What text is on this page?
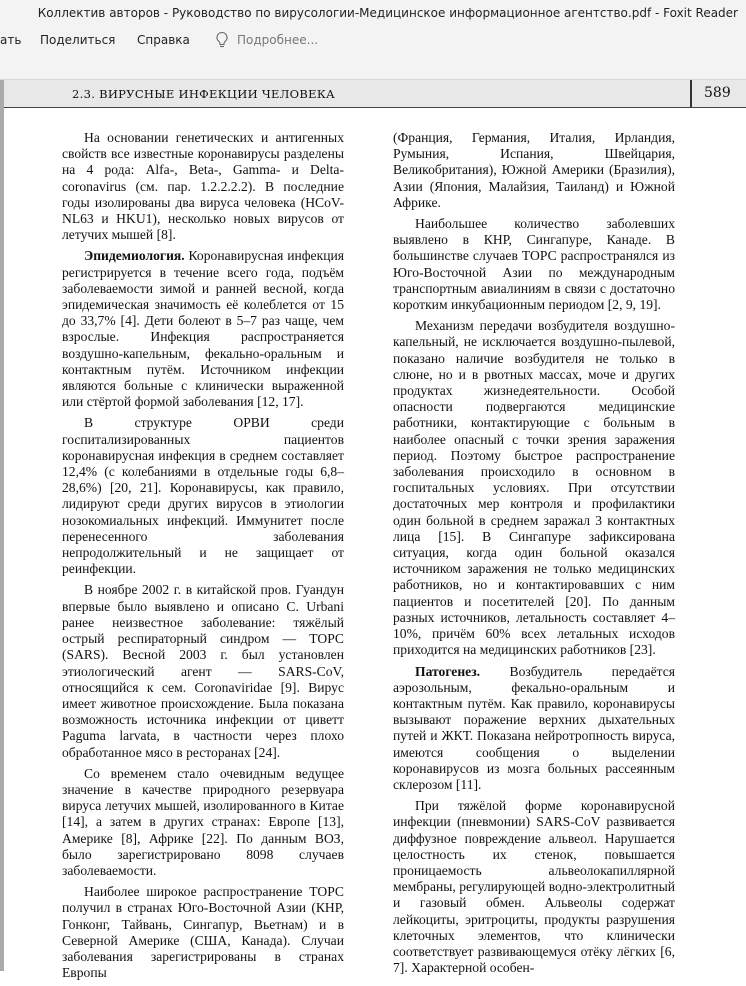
Коллектив авторов - Руководство по вирусологии-Медицинское информационное агентство.pdf - Foxit Reader
ать Поделиться Справка	Подробнее...
2.3. ВИРУСНЫЕ ИНФЕКЦИИ ЧЕЛОВЕКА	589

На основании генетических и антигенных свойств все известные коронавирусы разделены на 4 рода: Alfa-, Beta-, Gamma- и Delta-coronavirus (см. пар. 1.2.2.2.2). В последние годы изолированы два вируса человека (HCoV-NL63 и HKU1), несколько новых вирусов от летучих мышей [8].

Эпидемиология. Коронавирусная инфекция регистрируется в течение всего года, подъём заболеваемости зимой и ранней весной, когда эпидемическая значимость её колеблется от 15 до 33,7% [4]. Дети болеют в 5–7 раз чаще, чем взрослые. Инфекция распространяется воздушно-капельным, фекально-оральным и контактным путём. Источником инфекции являются больные с клинически выраженной или стёртой формой заболевания [12, 17].

В структуре ОРВИ среди госпитализированных пациентов коронавирусная инфекция в среднем составляет 12,4% (с колебаниями в отдельные годы 6,8–28,6%) [20, 21]. Коронавирусы, как правило, лидируют среди других вирусов в этиологии нозокомиальных инфекций. Иммунитет после перенесенного заболевания непродолжительный и не защищает от реинфекции.

В ноябре 2002 г. в китайской пров. Гуандун впервые было выявлено и описано C. Urbani ранее неизвестное заболевание: тяжёлый острый респираторный синдром — ТОРС (SARS). Весной 2003 г. был установлен этиологический агент — SARS-CoV, относящийся к сем. Coronaviridae [9]. Вирус имеет животное происхождение. Была показана возможность источника инфекции от циветт Paguma larvata, в частности через плохо обработанное мясо в ресторанах [24].

Со временем стало очевидным ведущее значение в качестве природного резервуара вируса летучих мышей, изолированного в Китае [14], а затем в других странах: Европе [13], Америке [8], Африке [22]. По данным ВОЗ, было зарегистрировано 8098 случаев заболеваемости.

Наиболее широкое распространение ТОРС получил в странах Юго-Восточной Азии (КНР, Гонконг, Тайвань, Сингапур, Вьетнам) и в Северной Америке (США, Канада). Случаи заболевания зарегистрированы в странах Европы

(Франция, Германия, Италия, Ирландия, Румыния, Испания, Швейцария, Великобритания), Южной Америки (Бразилия), Азии (Япония, Малайзия, Таиланд) и Южной Африке.

Наибольшее количество заболевших выявлено в КНР, Сингапуре, Канаде. В большинстве случаев ТОРС распространялся из Юго-Восточной Азии по международным транспортным авиалиниям в связи с достаточно коротким инкубационным периодом [2, 9, 19].

Механизм передачи возбудителя воздушно-капельный, не исключается воздушно-пылевой, показано наличие возбудителя не только в слюне, но и в рвотных массах, моче и других продуктах жизнедеятельности. Особой опасности подвергаются медицинские работники, контактирующие с больным в наиболее опасный с точки зрения заражения период. Поэтому быстрое распространение заболевания происходило в основном в госпитальных условиях. При отсутствии достаточных мер контроля и профилактики один больной в среднем заражал 3 контактных лица [15]. В Сингапуре зафиксирована ситуация, когда один больной оказался источником заражения не только медицинских работников, но и контактировавших с ним пациентов и посетителей [20]. По данным разных источников, летальность составляет 4–10%, причём 60% всех летальных исходов приходится на медицинских работников [23].

Патогенез. Возбудитель передаётся аэрозольным, фекально-оральным и контактным путём. Как правило, коронавирусы вызывают поражение верхних дыхательных путей и ЖКТ. Показана нейротропность вируса, имеются сообщения о выделении коронавирусов из мозга больных рассеянным склерозом [11].

При тяжёлой форме коронавирусной инфекции (пневмонии) SARS-CoV развивается диффузное повреждение альвеол. Нарушается целостность их стенок, повышается проницаемость альвеолокапиллярной мембраны, регулирующей водно-электролитный и газовый обмен. Альвеолы содержат лейкоциты, эритроциты, продукты разрушения клеточных элементов, что клинически соответствует развивающемуся отёку лёгких [6, 7]. Характерной особен-
